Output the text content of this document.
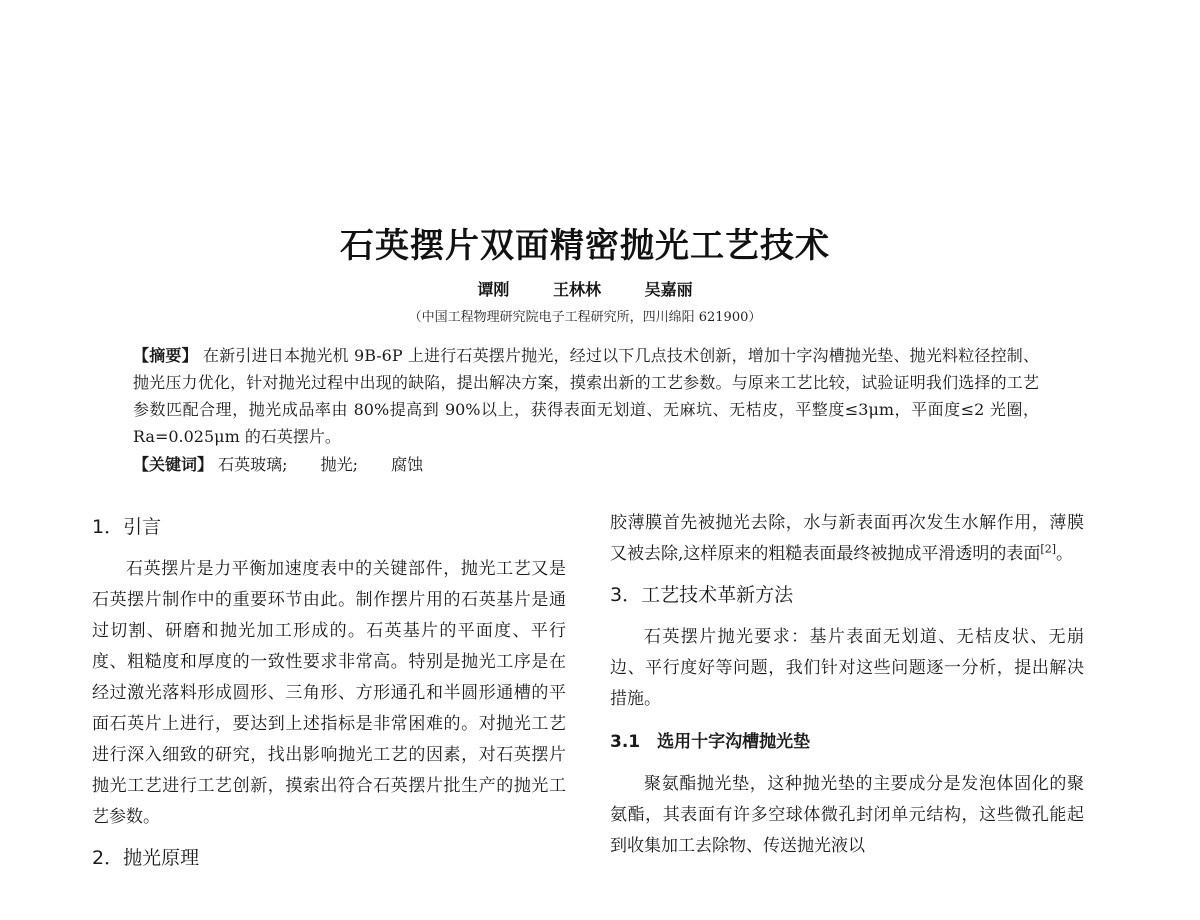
石英摆片双面精密抛光工艺技术
谭刚	王林林	吴嘉丽
（中国工程物理研究院电子工程研究所，四川绵阳 621900）
【摘要】 在新引进日本抛光机 9B-6P 上进行石英摆片抛光，经过以下几点技术创新，增加十字沟槽抛光垫、抛光料粒径控制、抛光压力优化，针对抛光过程中出现的缺陷，提出解决方案，摸索出新的工艺参数。与原来工艺比较，试验证明我们选择的工艺参数匹配合理，抛光成品率由 80%提高到 90%以上，获得表面无划道、无麻坑、无桔皮，平整度≤3μm，平面度≤2 光圈，Ra=0.025μm 的石英摆片。
【关键词】 石英玻璃; 抛光; 腐蚀
1．引言
石英摆片是力平衡加速度表中的关键部件，抛光工艺又是石英摆片制作中的重要环节由此。制作摆片用的石英基片是通过切割、研磨和抛光加工形成的。石英基片的平面度、平行度、粗糙度和厚度的一致性要求非常高。特别是抛光工序是在经过激光落料形成圆形、三角形、方形通孔和半圆形通槽的平面石英片上进行，要达到上述指标是非常困难的。对抛光工艺进行深入细致的研究，找出影响抛光工艺的因素，对石英摆片抛光工艺进行工艺创新，摸索出符合石英摆片批生产的抛光工艺参数。
2．抛光原理
胶薄膜首先被抛光去除，水与新表面再次发生水解作用，薄膜又被去除,这样原来的粗糙表面最终被抛成平滑透明的表面[2]。
3．工艺技术革新方法
石英摆片抛光要求：基片表面无划道、无桔皮状、无崩边、平行度好等问题，我们针对这些问题逐一分析，提出解决措施。
3.1　选用十字沟槽抛光垫
聚氨酯抛光垫，这种抛光垫的主要成分是发泡体固化的聚氨酯，其表面有许多空球体微孔封闭单元结构，这些微孔能起到收集加工去除物、传送抛光液以
